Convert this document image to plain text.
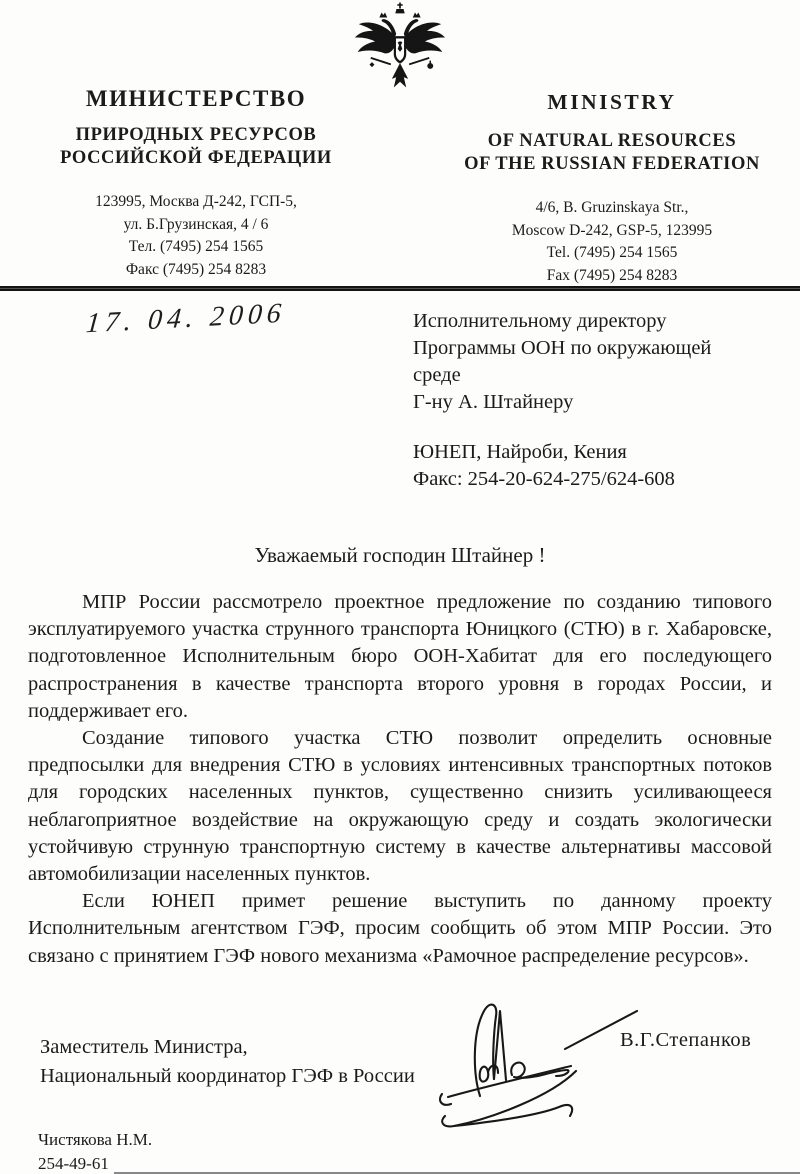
МИНИСТЕРСТВО
ПРИРОДНЫХ РЕСУРСОВ
РОССИЙСКОЙ ФЕДЕРАЦИИ
123995, Москва Д-242, ГСП-5,
ул. Б.Грузинская, 4 / 6
Тел. (7495) 254 1565
Факс (7495) 254 8283
MINISTRY
OF NATURAL RESOURCES
OF THE RUSSIAN FEDERATION
4/6, B. Gruzinskaya Str.,
Moscow D-242, GSP-5, 123995
Tel. (7495) 254 1565
Fax (7495) 254 8283
17. 04. 2006	Исполнительному директору
Программы ООН по окружающей
среде
Г-ну А. Штайнеру
ЮНЕП, Найроби, Кения
Факс: 254-20-624-275/624-608
Уважаемый господин Штайнер !

МПР России рассмотрело проектное предложение по созданию типового эксплуатируемого участка струнного транспорта Юницкого (СТЮ) в г. Хабаровске, подготовленное Исполнительным бюро ООН-Хабитат для его последующего распространения в качестве транспорта второго уровня в городах России, и поддерживает его.

Создание типового участка СТЮ позволит определить основные предпосылки для внедрения СТЮ в условиях интенсивных транспортных потоков для городских населенных пунктов, существенно снизить усиливающееся неблагоприятное воздействие на окружающую среду и создать экологически устойчивую струнную транспортную систему в качестве альтернативы массовой автомобилизации населенных пунктов.

Если ЮНЕП примет решение выступить по данному проекту Исполнительным агентством ГЭФ, просим сообщить об этом МПР России. Это связано с принятием ГЭФ нового механизма «Рамочное распределение ресурсов».

Заместитель Министра,
Национальный координатор ГЭФ в России
В.Г.Степанков
Чистякова Н.М.
254-49-61
